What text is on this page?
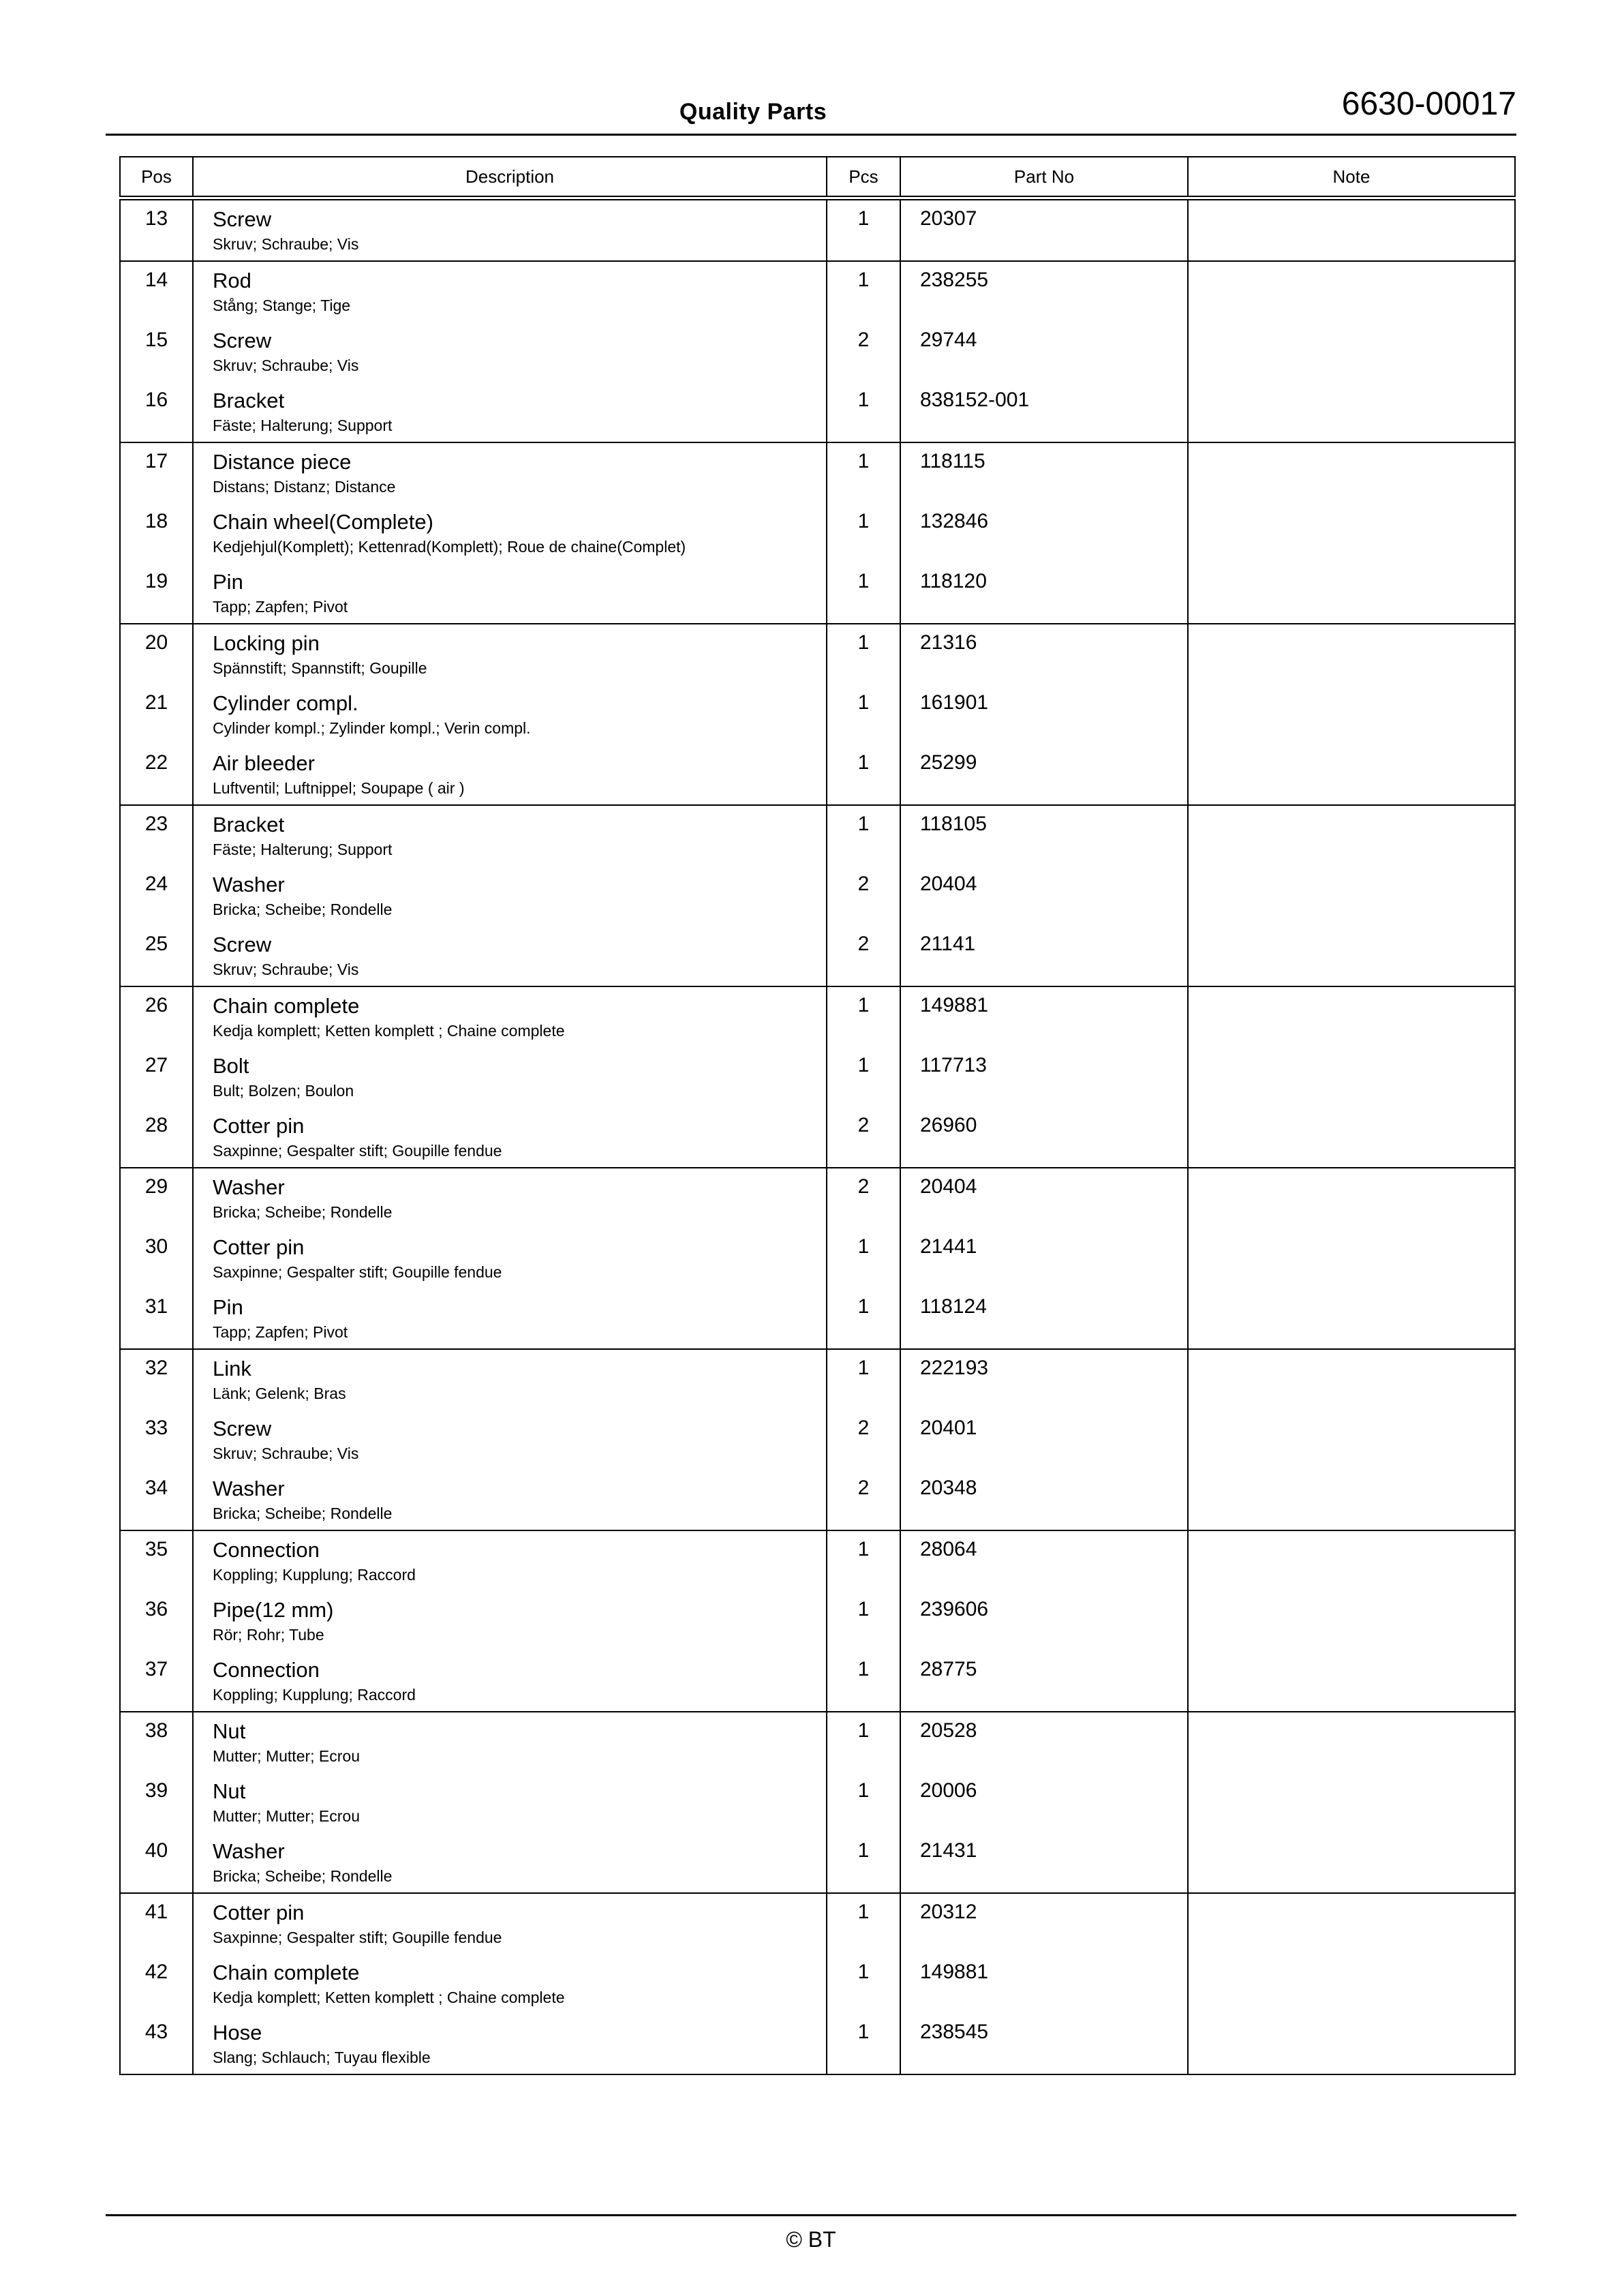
Quality Parts	6630-00017
Pos	Description	Pcs	Part No	Note
13	Screw
Skruv; Schraube; Vis	1	20307	
14	Rod
Stång; Stange; Tige	1	238255	
15	Screw
Skruv; Schraube; Vis	2	29744	
16	Bracket
Fäste; Halterung; Support	1	838152-001	
17	Distance piece
Distans; Distanz; Distance	1	118115	
18	Chain wheel(Complete)
Kedjehjul(Komplett); Kettenrad(Komplett); Roue de chaine(Complet)	1	132846	
19	Pin
Tapp; Zapfen; Pivot	1	118120	
20	Locking pin
Spännstift; Spannstift; Goupille	1	21316	
21	Cylinder compl.
Cylinder kompl.; Zylinder kompl.; Verin compl.	1	161901	
22	Air bleeder
Luftventil; Luftnippel; Soupape ( air )	1	25299	
23	Bracket
Fäste; Halterung; Support	1	118105	
24	Washer
Bricka; Scheibe; Rondelle	2	20404	
25	Screw
Skruv; Schraube; Vis	2	21141	
26	Chain complete
Kedja komplett; Ketten komplett ; Chaine complete	1	149881	
27	Bolt
Bult; Bolzen; Boulon	1	117713	
28	Cotter pin
Saxpinne; Gespalter stift; Goupille fendue	2	26960	
29	Washer
Bricka; Scheibe; Rondelle	2	20404	
30	Cotter pin
Saxpinne; Gespalter stift; Goupille fendue	1	21441	
31	Pin
Tapp; Zapfen; Pivot	1	118124	
32	Link
Länk; Gelenk; Bras	1	222193	
33	Screw
Skruv; Schraube; Vis	2	20401	
34	Washer
Bricka; Scheibe; Rondelle	2	20348	
35	Connection
Koppling; Kupplung; Raccord	1	28064	
36	Pipe(12 mm)
Rör; Rohr; Tube	1	239606	
37	Connection
Koppling; Kupplung; Raccord	1	28775	
38	Nut
Mutter; Mutter; Ecrou	1	20528	
39	Nut
Mutter; Mutter; Ecrou	1	20006	
40	Washer
Bricka; Scheibe; Rondelle	1	21431	
41	Cotter pin
Saxpinne; Gespalter stift; Goupille fendue	1	20312	
42	Chain complete
Kedja komplett; Ketten komplett ; Chaine complete	1	149881	
43	Hose
Slang; Schlauch; Tuyau flexible	1	238545	
© BT
